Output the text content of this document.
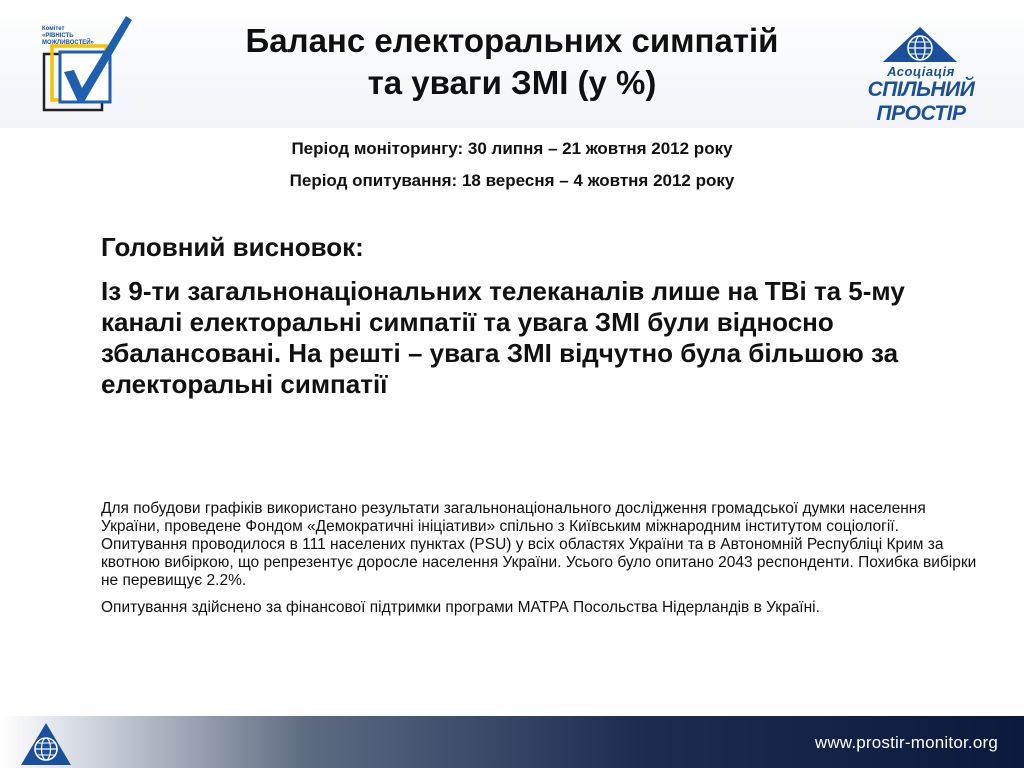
Комітет
«РІВНІСТЬ
МОЖЛИВОСТЕЙ»	Баланс електоральних симпатій
та уваги ЗМІ (у %)	Асоціація
СПІЛЬНИЙ ПРОСТІР
Період моніторингу: 30 липня – 21 жовтня 2012 року
Період опитування: 18 вересня – 4 жовтня 2012 року

Головний висновок:

Із 9-ти загальнонаціональних телеканалів лише на ТВі та 5-му каналі електоральні симпатії та увага ЗМІ були відносно збалансовані. На решті – увага ЗМІ відчутно була більшою за електоральні симпатії

Для побудови графіків використано результати загальнонаціонального дослідження громадської думки населення України, проведене Фондом «Демократичні ініціативи» спільно з Київським міжнародним інститутом соціології. Опитування проводилося в 111 населених пунктах (PSU) у всіх областях України та в Автономній Республіці Крим за квотною вибіркою, що репрезентує доросле населення України. Усього було опитано 2043 респонденти. Похибка вибірки не перевищує 2.2%.

Опитування здійснено за фінансової підтримки програми МАТРА Посольства Нідерландів в Україні.

www.prostir-monitor.org
